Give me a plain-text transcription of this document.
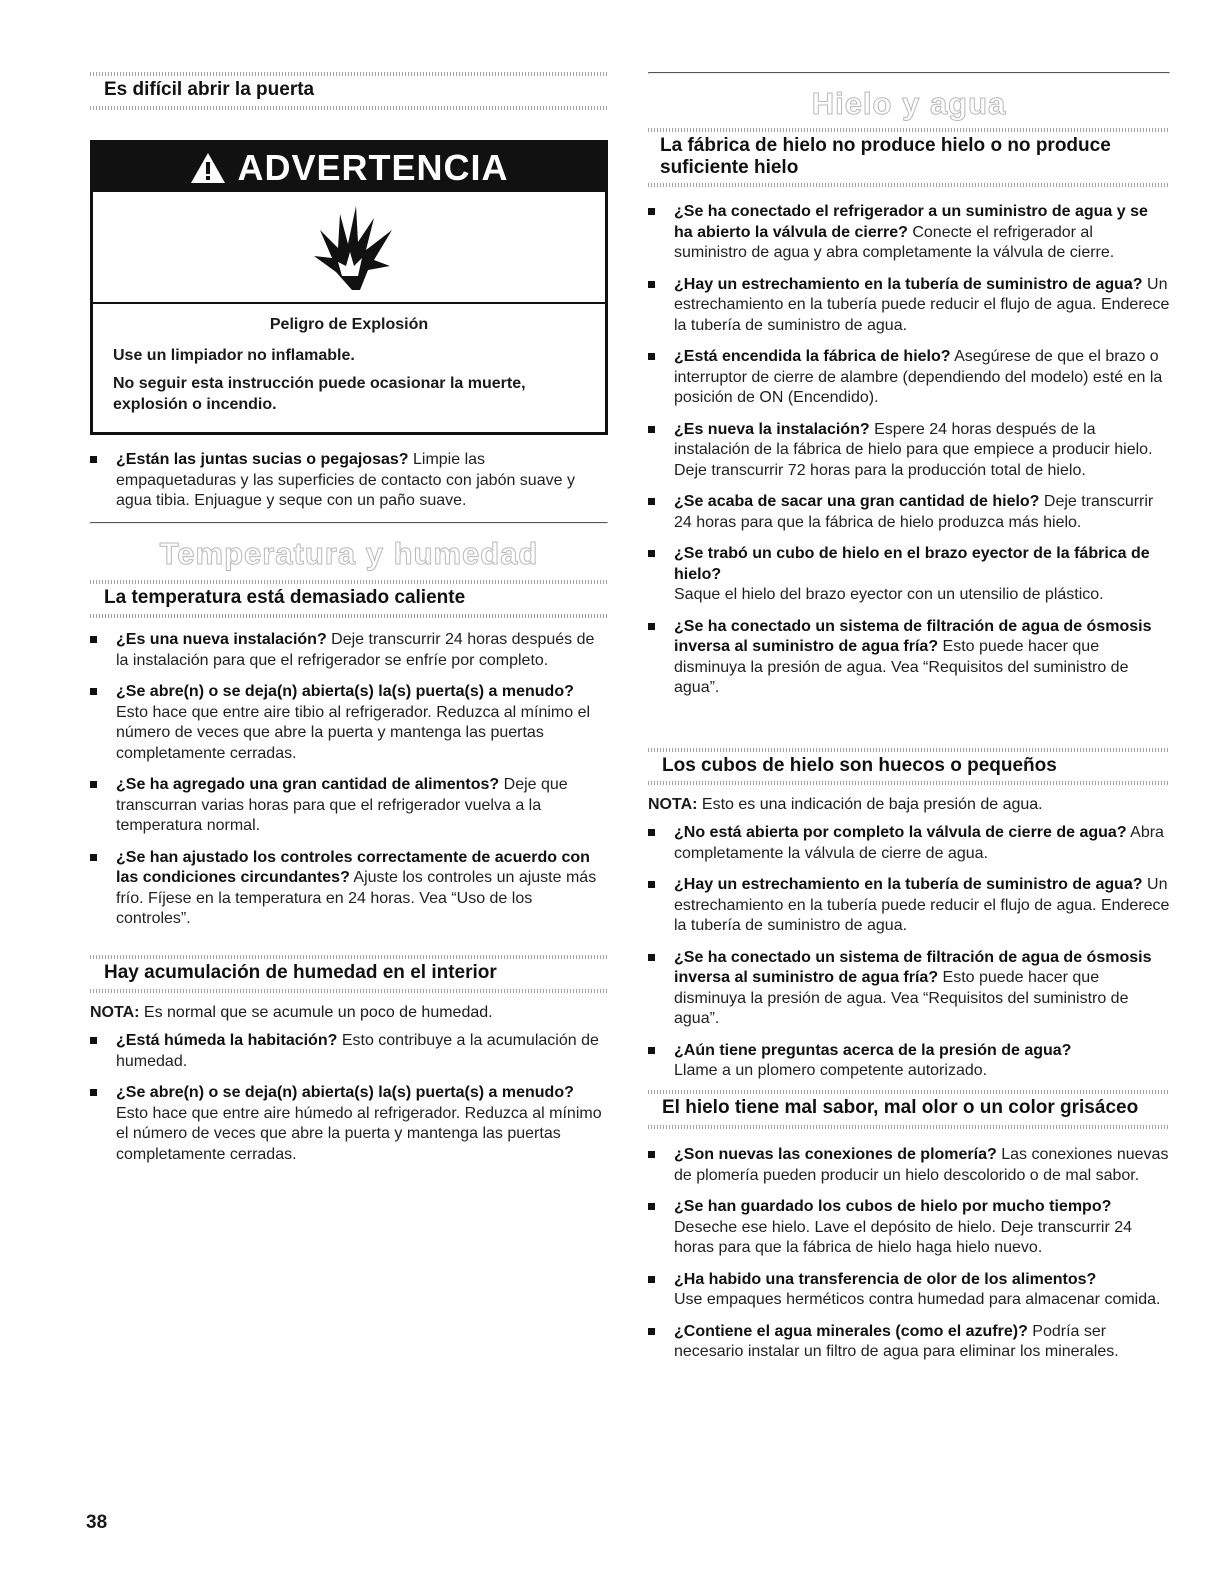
Es difícil abrir la puerta
¿Están las juntas sucias o pegajosas? Limpie las empaquetaduras y las superficies de contacto con jabón suave y agua tibia. Enjuague y seque con un paño suave.
Temperatura y humedad
La temperatura está demasiado caliente
¿Es una nueva instalación? Deje transcurrir 24 horas después de la instalación para que el refrigerador se enfríe por completo.
¿Se abre(n) o se deja(n) abierta(s) la(s) puerta(s) a menudo? Esto hace que entre aire tibio al refrigerador. Reduzca al mínimo el número de veces que abre la puerta y mantenga las puertas completamente cerradas.
¿Se ha agregado una gran cantidad de alimentos? Deje que transcurran varias horas para que el refrigerador vuelva a la temperatura normal.
¿Se han ajustado los controles correctamente de acuerdo con las condiciones circundantes? Ajuste los controles un ajuste más frío. Fíjese en la temperatura en 24 horas. Vea “Uso de los controles”.
Hay acumulación de humedad en el interior

NOTA: Es normal que se acumule un poco de humedad.

¿Está húmeda la habitación? Esto contribuye a la acumulación de humedad.
¿Se abre(n) o se deja(n) abierta(s) la(s) puerta(s) a menudo? Esto hace que entre aire húmedo al refrigerador. Reduzca al mínimo el número de veces que abre la puerta y mantenga las puertas completamente cerradas.
ADVERTENCIA
Peligro de Explosión

Use un limpiador no inflamable.

No seguir esta instrucción puede ocasionar la muerte, explosión o incendio.

Hielo y agua
La fábrica de hielo no produce hielo o no produce suficiente hielo
¿Se ha conectado el refrigerador a un suministro de agua y se ha abierto la válvula de cierre? Conecte el refrigerador al suministro de agua y abra completamente la válvula de cierre.
¿Hay un estrechamiento en la tubería de suministro de agua? Un estrechamiento en la tubería puede reducir el flujo de agua. Enderece la tubería de suministro de agua.
¿Está encendida la fábrica de hielo? Asegúrese de que el brazo o interruptor de cierre de alambre (dependiendo del modelo) esté en la posición de ON (Encendido).
¿Es nueva la instalación? Espere 24 horas después de la instalación de la fábrica de hielo para que empiece a producir hielo. Deje transcurrir 72 horas para la producción total de hielo.
¿Se acaba de sacar una gran cantidad de hielo? Deje transcurrir 24 horas para que la fábrica de hielo produzca más hielo.
¿Se trabó un cubo de hielo en el brazo eyector de la fábrica de hielo?
Saque el hielo del brazo eyector con un utensilio de plástico.
¿Se ha conectado un sistema de filtración de agua de ósmosis inversa al suministro de agua fría? Esto puede hacer que disminuya la presión de agua. Vea “Requisitos del suministro de agua”.
Los cubos de hielo son huecos o pequeños

NOTA: Esto es una indicación de baja presión de agua.

¿No está abierta por completo la válvula de cierre de agua? Abra completamente la válvula de cierre de agua.
¿Hay un estrechamiento en la tubería de suministro de agua? Un estrechamiento en la tubería puede reducir el flujo de agua. Enderece la tubería de suministro de agua.
¿Se ha conectado un sistema de filtración de agua de ósmosis inversa al suministro de agua fría? Esto puede hacer que disminuya la presión de agua. Vea “Requisitos del suministro de agua”.
¿Aún tiene preguntas acerca de la presión de agua?
Llame a un plomero competente autorizado.
El hielo tiene mal sabor, mal olor o un color grisáceo
¿Son nuevas las conexiones de plomería? Las conexiones nuevas de plomería pueden producir un hielo descolorido o de mal sabor.
¿Se han guardado los cubos de hielo por mucho tiempo?
Deseche ese hielo. Lave el depósito de hielo. Deje transcurrir 24 horas para que la fábrica de hielo haga hielo nuevo.
¿Ha habido una transferencia de olor de los alimentos?
Use empaques herméticos contra humedad para almacenar comida.
¿Contiene el agua minerales (como el azufre)? Podría ser necesario instalar un filtro de agua para eliminar los minerales.
38
